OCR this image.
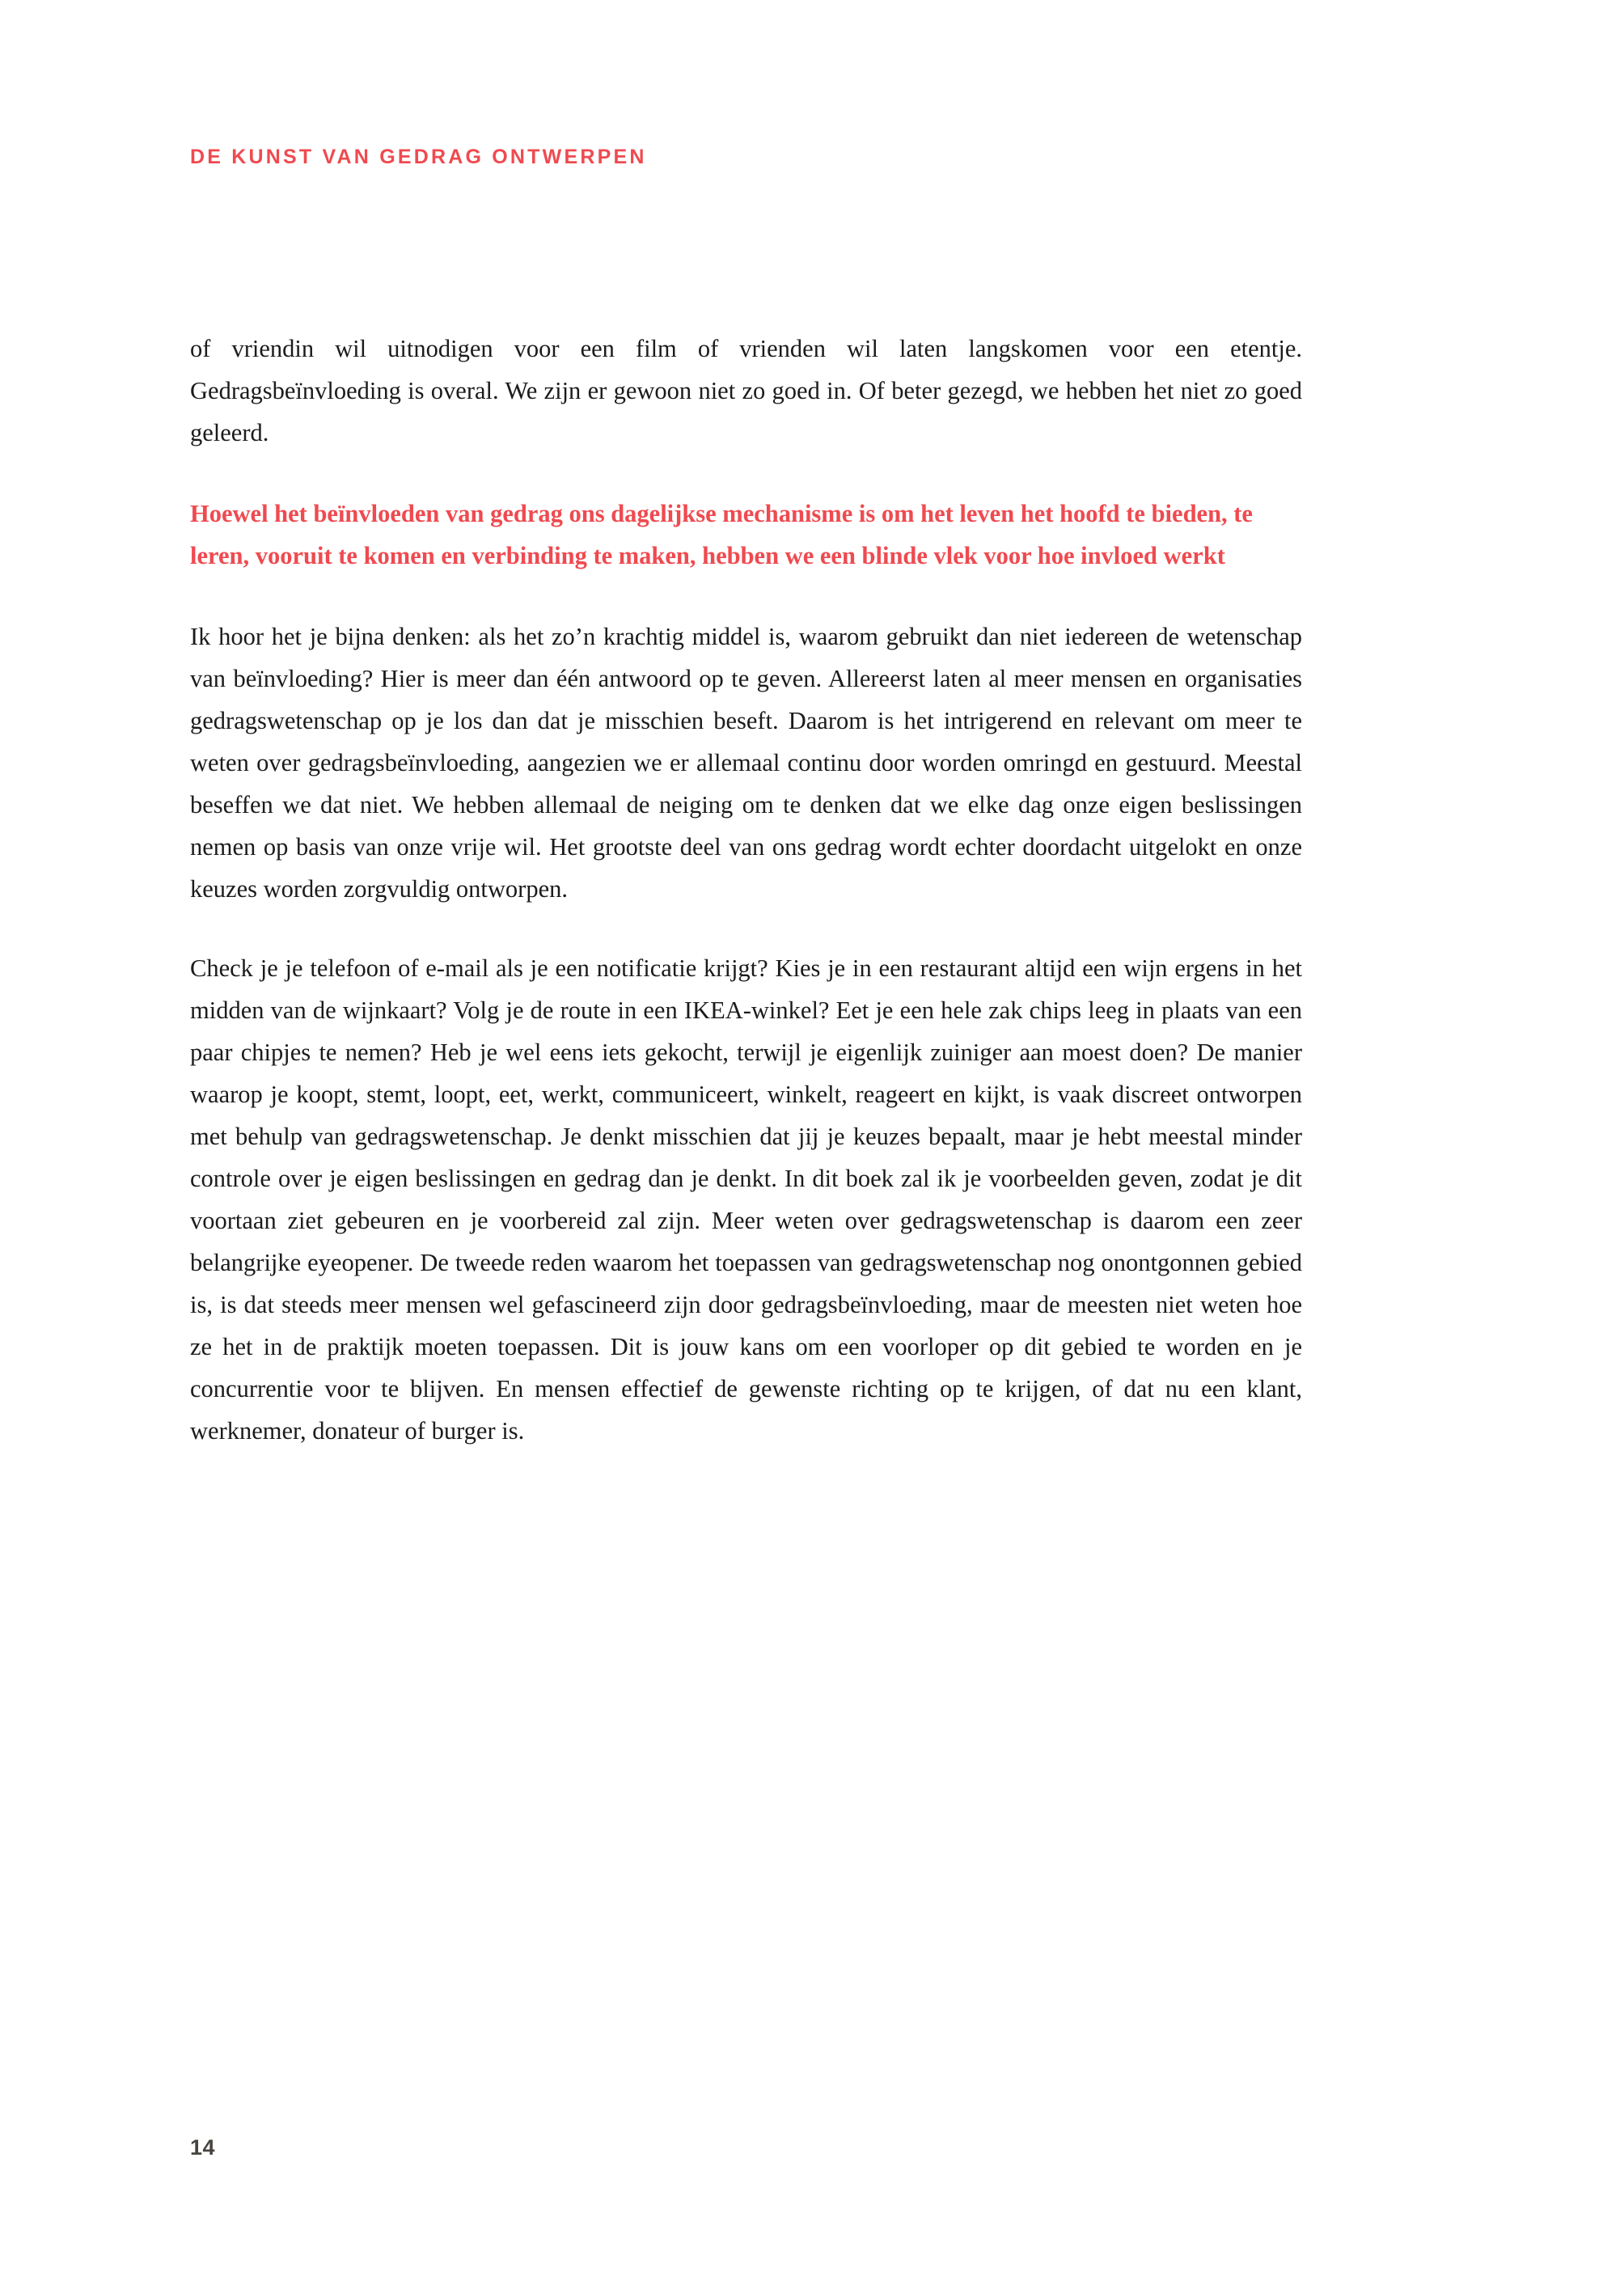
DE KUNST VAN GEDRAG ONTWERPEN

of vriendin wil uitnodigen voor een film of vrienden wil laten langskomen voor een etentje. Gedragsbeïnvloeding is overal. We zijn er gewoon niet zo goed in. Of beter gezegd, we hebben het niet zo goed geleerd.

Hoewel het beïnvloeden van gedrag ons dagelijkse mechanisme is om het leven het hoofd te bieden, te leren, vooruit te komen en verbinding te maken, hebben we een blinde vlek voor hoe invloed werkt

Ik hoor het je bijna denken: als het zo’n krachtig middel is, waarom gebruikt dan niet iedereen de wetenschap van beïnvloeding? Hier is meer dan één antwoord op te geven. Allereerst laten al meer mensen en organisaties gedragswetenschap op je los dan dat je misschien beseft. Daarom is het intrigerend en relevant om meer te weten over gedragsbeïnvloeding, aangezien we er allemaal continu door worden omringd en gestuurd. Meestal beseffen we dat niet. We hebben allemaal de neiging om te denken dat we elke dag onze eigen beslissingen nemen op basis van onze vrije wil. Het grootste deel van ons gedrag wordt echter doordacht uitgelokt en onze keuzes worden zorgvuldig ontworpen.

Check je je telefoon of e-mail als je een notificatie krijgt? Kies je in een restaurant altijd een wijn ergens in het midden van de wijnkaart? Volg je de route in een IKEA-winkel? Eet je een hele zak chips leeg in plaats van een paar chipjes te nemen? Heb je wel eens iets gekocht, terwijl je eigenlijk zuiniger aan moest doen? De manier waarop je koopt, stemt, loopt, eet, werkt, communiceert, winkelt, reageert en kijkt, is vaak discreet ontworpen met behulp van gedragswetenschap. Je denkt misschien dat jij je keuzes bepaalt, maar je hebt meestal minder controle over je eigen beslissingen en gedrag dan je denkt. In dit boek zal ik je voorbeelden geven, zodat je dit voortaan ziet gebeuren en je voorbereid zal zijn. Meer weten over gedragswetenschap is daarom een zeer belangrijke eyeopener. De tweede reden waarom het toepassen van gedragswetenschap nog onontgonnen gebied is, is dat steeds meer mensen wel gefascineerd zijn door gedragsbeïnvloeding, maar de meesten niet weten hoe ze het in de praktijk moeten toepassen. Dit is jouw kans om een voorloper op dit gebied te worden en je concurrentie voor te blijven. En mensen effectief de gewenste richting op te krijgen, of dat nu een klant, werknemer, donateur of burger is.

14
